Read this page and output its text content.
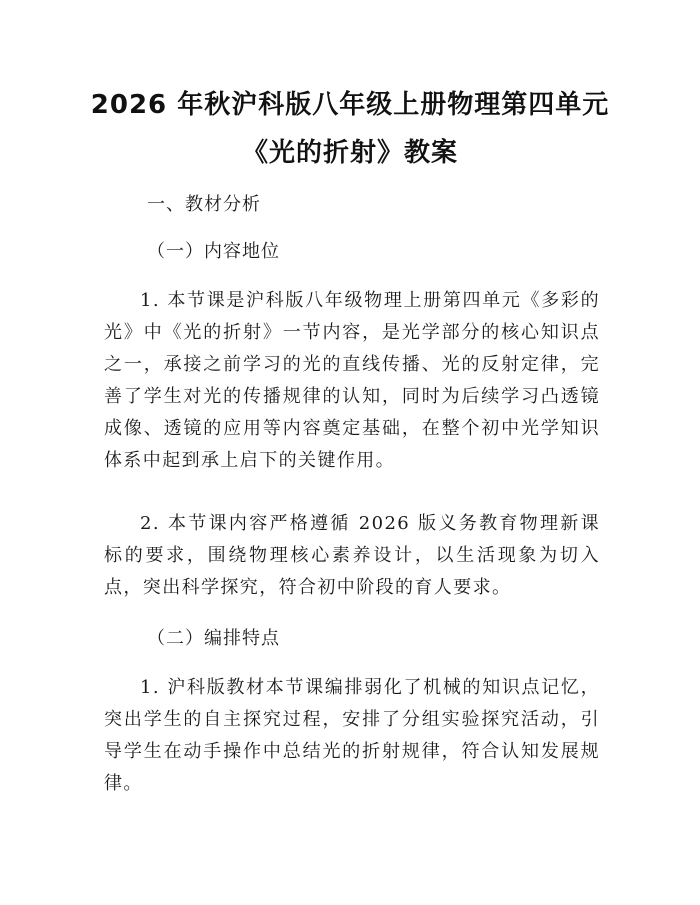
2026 年秋沪科版八年级上册物理第四单元
《光的折射》教案
一、教材分析
（一）内容地位
1. 本节课是沪科版八年级物理上册第四单元《多彩的光》中《光的折射》一节内容，是光学部分的核心知识点之一，承接之前学习的光的直线传播、光的反射定律，完善了学生对光的传播规律的认知，同时为后续学习凸透镜成像、透镜的应用等内容奠定基础，在整个初中光学知识体系中起到承上启下的关键作用。
2. 本节课内容严格遵循 2026 版义务教育物理新课标的要求，围绕物理核心素养设计，以生活现象为切入点，突出科学探究，符合初中阶段的育人要求。
（二）编排特点
1. 沪科版教材本节课编排弱化了机械的知识点记忆，突出学生的自主探究过程，安排了分组实验探究活动，引导学生在动手操作中总结光的折射规律，符合认知发展规律。
